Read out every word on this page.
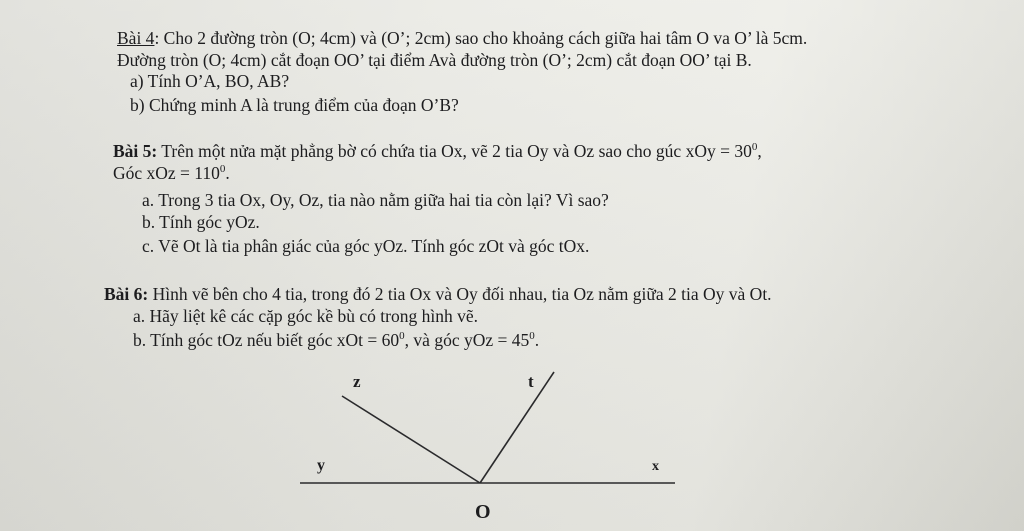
Bài 4: Cho 2 đường tròn (O; 4cm) và (O’; 2cm) sao cho khoảng cách giữa hai tâm O va O’ là 5cm.
Đường tròn (O; 4cm) cắt đoạn OO’ tại điểm Avà đường tròn (O’; 2cm) cắt đoạn OO’ tại B.
a) Tính O’A, BO, AB?
b) Chứng minh A là trung điểm của đoạn O’B?
Bài 5: Trên một nửa mặt phẳng bờ có chứa tia Ox, vẽ 2 tia Oy và Oz sao cho gúc xOy = $30^0$,
Góc xOz = $110^0$.
a. Trong 3 tia Ox, Oy, Oz, tia nào nằm giữa hai tia còn lại? Vì sao?
b. Tính góc yOz.
c. Vẽ Ot là tia phân giác của góc yOz. Tính góc zOt và góc tOx.
Bài 6: Hình vẽ bên cho 4 tia, trong đó 2 tia Ox và Oy đối nhau, tia Oz nằm giữa 2 tia Oy và Ot.
a. Hãy liệt kê các cặp góc kề bù có trong hình vẽ.
b. Tính góc tOz nếu biết góc xOt = $60^0$, và góc yOz = $45^0$.
z	t
y	x
O
